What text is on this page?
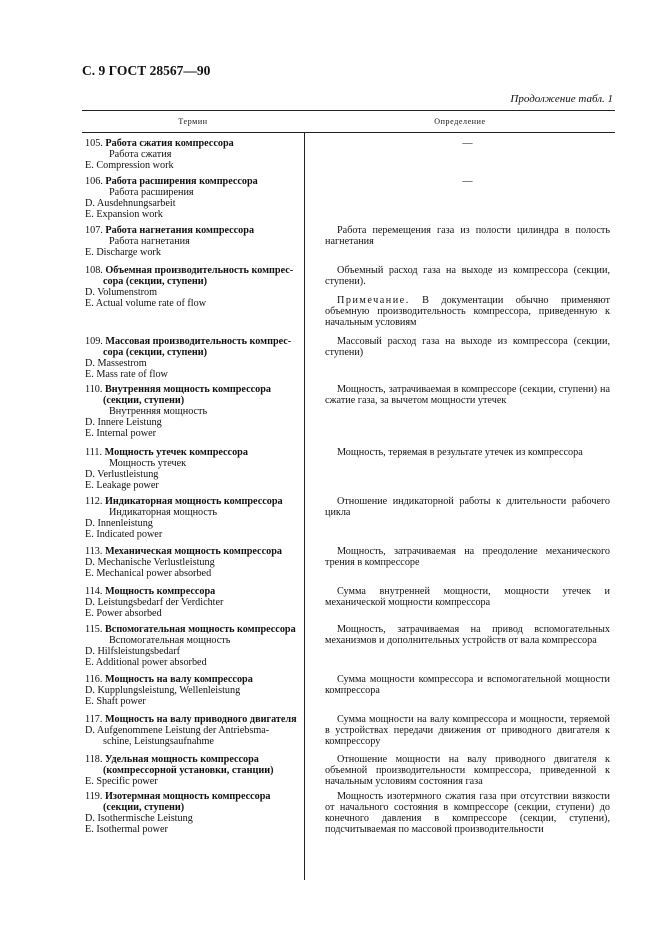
С. 9 ГОСТ 28567—90
Продолжение табл. 1
Термин	Определение
105. Работа сжатия компрессора
Работа сжатия
E. Compression work

—

106. Работа расширения компрессора
Работа расширения
D. Ausdehnungsarbeit
E. Expansion work

—

107. Работа нагнетания компрессора
Работа нагнетания
E. Discharge work

Работа перемещения газа из полости цилиндра в полость нагнетания

108. Объемная производительность компрес-
сора (секции, ступени)
D. Volumenstrom
E. Actual volume rate of flow

Объемный расход газа на выходе из компрессора (секции, ступени).

Примечание. В документации обычно применяют объемную производительность компрессора, приведенную к начальным условиям

109. Массовая производительность компрес-
сора (секции, ступени)
D. Massestrom
E. Mass rate of flow

Массовый расход газа на выходе из компрессора (секции, ступени)

110. Внутренняя мощность компрессора
(секции, ступени)
Внутренняя мощность
D. Innere Leistung
E. Internal power

Мощность, затрачиваемая в компрессоре (секции, ступени) на сжатие газа, за вычетом мощности утечек

111. Мощность утечек компрессора
Мощность утечек
D. Verlustleistung
E. Leakage power

Мощность, теряемая в результате утечек из компрессора

112. Индикаторная мощность компрессора
Индикаторная мощность
D. Innenleistung
E. Indicated power

Отношение индикаторной работы к длительности рабочего цикла

113. Механическая мощность компрессора
D. Mechanische Verlustleistung
E. Mechanical power absorbed

Мощность, затрачиваемая на преодоление механического трения в компрессоре

114. Мощность компрессора
D. Leistungsbedarf der Verdichter
E. Power absorbed

Сумма внутренней мощности, мощности утечек и механической мощности компрессора

115. Вспомогательная мощность компрессора
Вспомогательная мощность
D. Hilfsleistungsbedarf
E. Additional power absorbed

Мощность, затрачиваемая на привод вспомогательных механизмов и дополнительных устройств от вала компрессора

116. Мощность на валу компрессора
D. Kupplungsleistung, Wellenleistung
E. Shaft power

Сумма мощности компрессора и вспомогательной мощности компрессора

117. Мощность на валу приводного двигателя
D. Aufgenommene Leistung der Antriebsma-
schine, Leistungsaufnahme

Сумма мощности на валу компрессора и мощности, теряемой в устройствах передачи движения от приводного двигателя к компрессору

118. Удельная мощность компрессора
(компрессорной установки, станции)
E. Specific power

Отношение мощности на валу приводного двигателя к объемной производительности компрессора, приведенной к начальным условиям состояния газа

119. Изотермная мощность компрессора
(секции, ступени)
D. Isothermische Leistung
E. Isothermal power

Мощность изотермного сжатия газа при отсутствии вязкости от начального состояния в компрессоре (секции, ступени) до конечного давления в компрессоре (секции, ступени), подсчитываемая по массовой производительности
